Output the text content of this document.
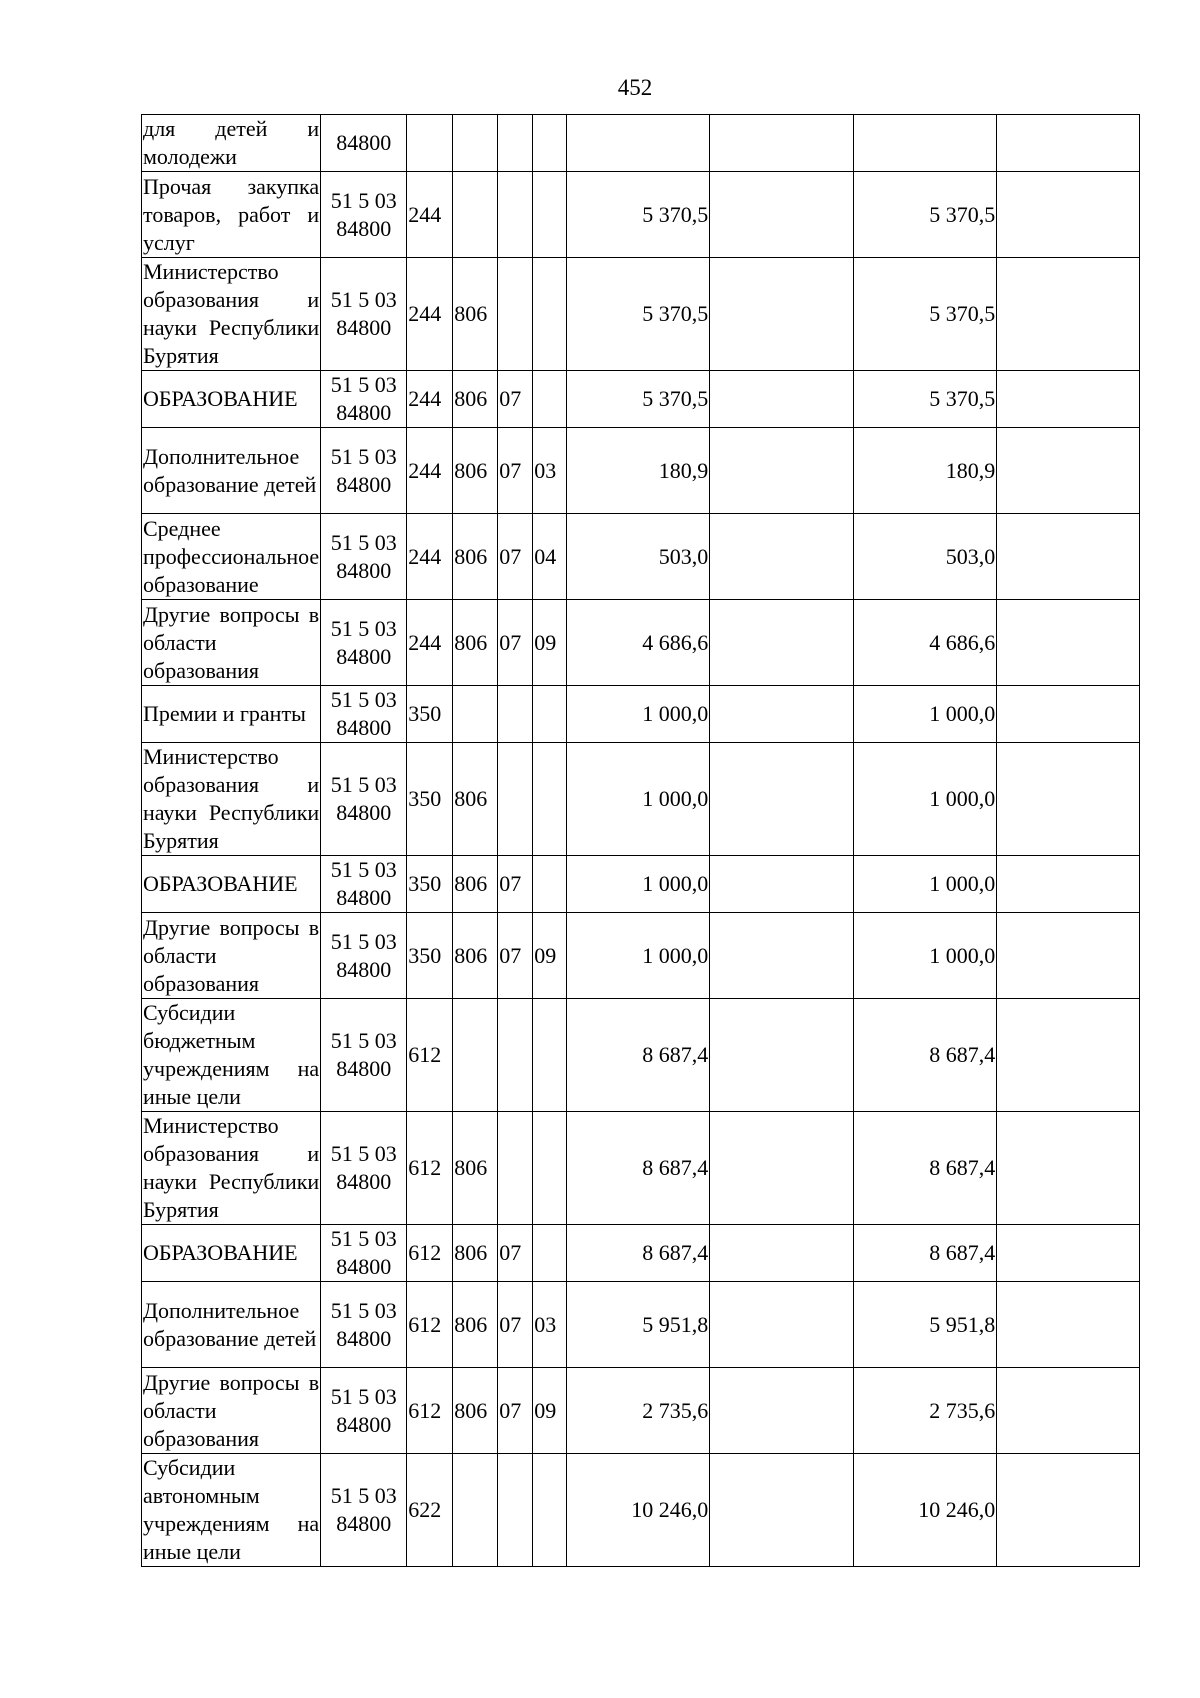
452
для детей и молодежи	84800								
Прочая закупка товаров, работ и услуг	51 5 03 84800	244				5 370,5		5 370,5	
Министерство образования и науки Республики Бурятия	51 5 03 84800	244	806			5 370,5		5 370,5	
ОБРАЗОВАНИЕ	51 5 03 84800	244	806	07		5 370,5		5 370,5	
Дополнительное образование детей	51 5 03 84800	244	806	07	03	180,9		180,9	
Среднее профессиональное образование	51 5 03 84800	244	806	07	04	503,0		503,0	
Другие вопросы в области образования	51 5 03 84800	244	806	07	09	4 686,6		4 686,6	
Премии и гранты	51 5 03 84800	350				1 000,0		1 000,0	
Министерство образования и науки Республики Бурятия	51 5 03 84800	350	806			1 000,0		1 000,0	
ОБРАЗОВАНИЕ	51 5 03 84800	350	806	07		1 000,0		1 000,0	
Другие вопросы в области образования	51 5 03 84800	350	806	07	09	1 000,0		1 000,0	
Субсидии бюджетным учреждениям на иные цели	51 5 03 84800	612				8 687,4		8 687,4	
Министерство образования и науки Республики Бурятия	51 5 03 84800	612	806			8 687,4		8 687,4	
ОБРАЗОВАНИЕ	51 5 03 84800	612	806	07		8 687,4		8 687,4	
Дополнительное образование детей	51 5 03 84800	612	806	07	03	5 951,8		5 951,8	
Другие вопросы в области образования	51 5 03 84800	612	806	07	09	2 735,6		2 735,6	
Субсидии автономным учреждениям на иные цели	51 5 03 84800	622				10 246,0		10 246,0	
